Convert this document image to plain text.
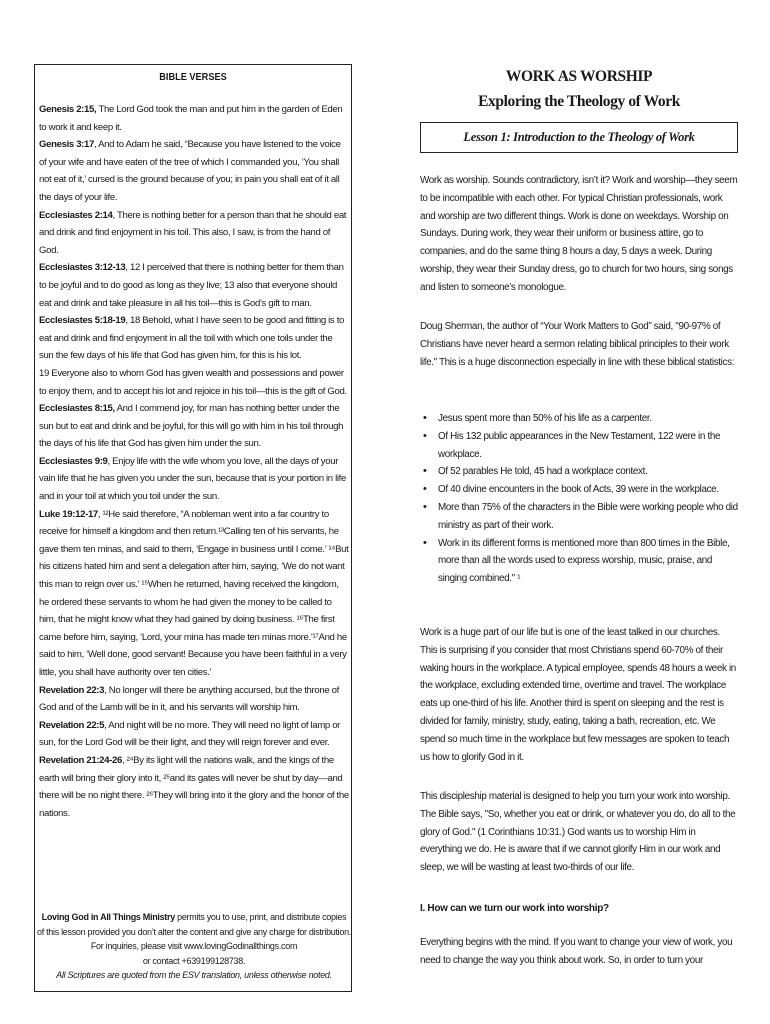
BIBLE VERSES

Genesis 2:15, The Lord God took the man and put him in the garden of Eden to work it and keep it.

Genesis 3:17, And to Adam he said, “Because you have listened to the voice of your wife and have eaten of the tree of which I commanded you, ‘You shall not eat of it,’ cursed is the ground because of you; in pain you shall eat of it all the days of your life.

Ecclesiastes 2:14, There is nothing better for a person than that he should eat and drink and find enjoyment in his toil. This also, I saw, is from the hand of God.

Ecclesiastes 3:12-13, 12 I perceived that there is nothing better for them than to be joyful and to do good as long as they live; 13 also that everyone should eat and drink and take pleasure in all his toil—this is God’s gift to man.

Ecclesiastes 5:18-19, 18 Behold, what I have seen to be good and fitting is to eat and drink and find enjoyment in all the toil with which one toils under the sun the few days of his life that God has given him, for this is his lot.

19 Everyone also to whom God has given wealth and possessions and power to enjoy them, and to accept his lot and rejoice in his toil—this is the gift of God.

Ecclesiastes 8:15, And I commend joy, for man has nothing better under the sun but to eat and drink and be joyful, for this will go with him in his toil through the days of his life that God has given him under the sun.

Ecclesiastes 9:9, Enjoy life with the wife whom you love, all the days of your vain life that he has given you under the sun, because that is your portion in life and in your toil at which you toil under the sun.

Luke 19:12-17, ¹²He said therefore, “A nobleman went into a far country to receive for himself a kingdom and then return.¹³Calling ten of his servants, he gave them ten minas, and said to them, ‘Engage in business until I come.’ ¹⁴But his citizens hated him and sent a delegation after him, saying, ‘We do not want this man to reign over us.’ ¹⁵When he returned, having received the kingdom, he ordered these servants to whom he had given the money to be called to him, that he might know what they had gained by doing business. ¹⁶The first came before him, saying, ‘Lord, your mina has made ten minas more.’¹⁷And he said to him, ‘Well done, good servant! Because you have been faithful in a very little, you shall have authority over ten cities.’

Revelation 22:3, No longer will there be anything accursed, but the throne of God and of the Lamb will be in it, and his servants will worship him.

Revelation 22:5, And night will be no more. They will need no light of lamp or sun, for the Lord God will be their light, and they will reign forever and ever.

Revelation 21:24-26, ²⁴By its light will the nations walk, and the kings of the earth will bring their glory into it, ²⁵and its gates will never be shut by day—and there will be no night there. ²⁶They will bring into it the glory and the honor of the nations.

Loving God in All Things Ministry permits you to use, print, and distribute copies
of this lesson provided you don’t alter the content and give any charge for distribution.
For inquiries, please visit www.lovingGodinallthings.com
or contact +639199128738.
All Scriptures are quoted from the ESV translation, unless otherwise noted.
WORK AS WORSHIP
Exploring the Theology of Work
Lesson 1: Introduction to the Theology of Work
Work as worship. Sounds contradictory, isn’t it? Work and worship—they seem to be incompatible with each other. For typical Christian professionals, work and worship are two different things. Work is done on weekdays. Worship on Sundays. During work, they wear their uniform or business attire, go to companies, and do the same thing 8 hours a day, 5 days a week. During worship, they wear their Sunday dress, go to church for two hours, sing songs and listen to someone’s monologue.
Doug Sherman, the author of “Your Work Matters to God” said, "90-97% of Christians have never heard a sermon relating biblical principles to their work life." This is a huge disconnection especially in line with these biblical statistics:
• Jesus spent more than 50% of his life as a carpenter.
• Of His 132 public appearances in the New Testament, 122 were in the workplace.
• Of 52 parables He told, 45 had a workplace context.
• Of 40 divine encounters in the book of Acts, 39 were in the workplace.
• More than 75% of the characters in the Bible were working people who did ministry as part of their work.
• Work in its different forms is mentioned more than 800 times in the Bible, more than all the words used to express worship, music, praise, and singing combined." ¹
Work is a huge part of our life but is one of the least talked in our churches. This is surprising if you consider that most Christians spend 60-70% of their waking hours in the workplace. A typical employee, spends 48 hours a week in the workplace, excluding extended time, overtime and travel. The workplace eats up one-third of his life. Another third is spent on sleeping and the rest is divided for family, ministry, study, eating, taking a bath, recreation, etc. We spend so much time in the workplace but few messages are spoken to teach us how to glorify God in it.
This discipleship material is designed to help you turn your work into worship. The Bible says, "So, whether you eat or drink, or whatever you do, do all to the glory of God." (1 Corinthians 10:31.) God wants us to worship Him in everything we do. He is aware that if we cannot glorify Him in our work and sleep, we will be wasting at least two-thirds of our life.
I. How can we turn our work into worship?
Everything begins with the mind. If you want to change your view of work, you need to change the way you think about work. So, in order to turn your
